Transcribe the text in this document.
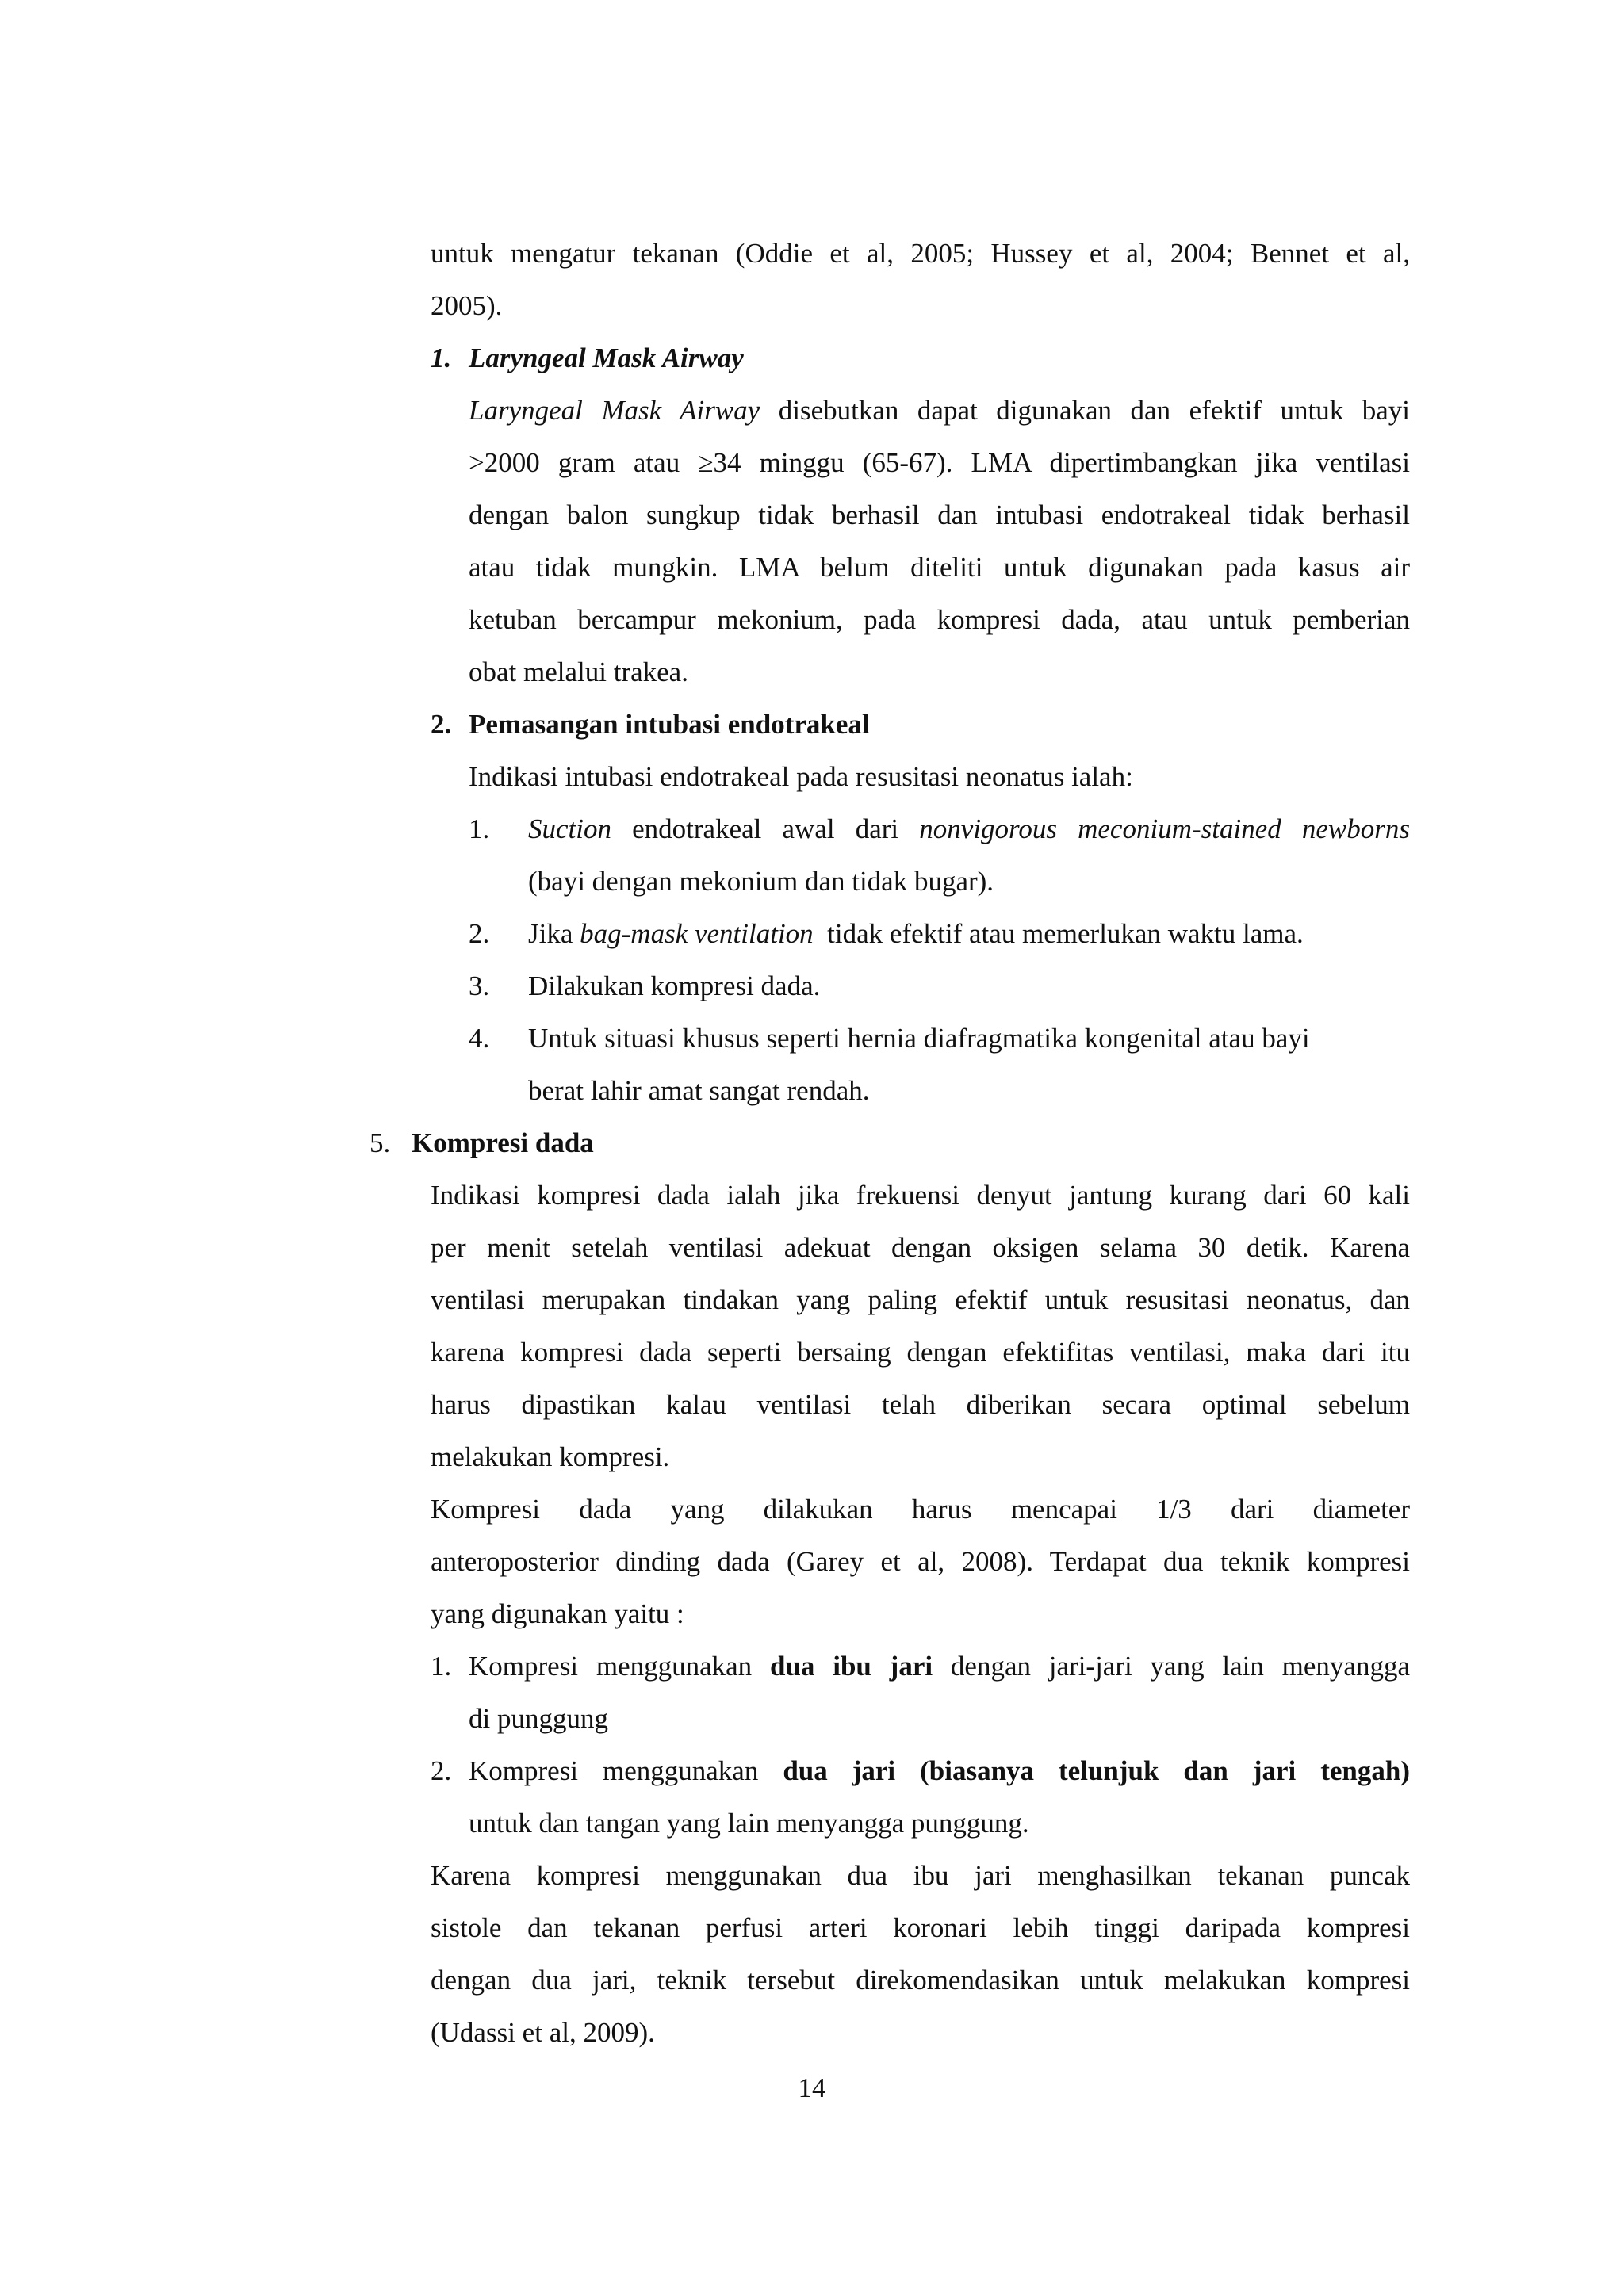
untuk mengatur tekanan (Oddie et al, 2005; Hussey et al, 2004; Bennet et al,
2005).
1. Laryngeal Mask Airway
Laryngeal Mask Airway disebutkan dapat digunakan dan efektif untuk bayi
>2000 gram atau ≥34 minggu (65-67). LMA dipertimbangkan jika ventilasi
dengan balon sungkup tidak berhasil dan intubasi endotrakeal tidak berhasil
atau tidak mungkin. LMA belum diteliti untuk digunakan pada kasus air
ketuban bercampur mekonium, pada kompresi dada, atau untuk pemberian
obat melalui trakea.
2. Pemasangan intubasi endotrakeal
Indikasi intubasi endotrakeal pada resusitasi neonatus ialah:
1. Suction endotrakeal awal dari nonvigorous meconium-stained newborns
(bayi dengan mekonium dan tidak bugar).
2. Jika bag-mask ventilation  tidak efektif atau memerlukan waktu lama.
3. Dilakukan kompresi dada.
4. Untuk situasi khusus seperti hernia diafragmatika kongenital atau bayi
berat lahir amat sangat rendah.
5. Kompresi dada
Indikasi kompresi dada ialah jika frekuensi denyut jantung kurang dari 60 kali
per menit setelah ventilasi adekuat dengan oksigen selama 30 detik. Karena
ventilasi merupakan tindakan yang paling efektif untuk resusitasi neonatus, dan
karena kompresi dada seperti bersaing dengan efektifitas ventilasi, maka dari itu
harus dipastikan kalau ventilasi telah diberikan secara optimal sebelum
melakukan kompresi.
Kompresi dada yang dilakukan harus mencapai 1/3 dari diameter
anteroposterior dinding dada (Garey et al, 2008). Terdapat dua teknik kompresi
yang digunakan yaitu :
1. Kompresi menggunakan dua ibu jari dengan jari-jari yang lain menyangga
di punggung
2. Kompresi menggunakan dua jari (biasanya telunjuk dan jari tengah)
untuk dan tangan yang lain menyangga punggung.
Karena kompresi menggunakan dua ibu jari menghasilkan tekanan puncak
sistole dan tekanan perfusi arteri koronari lebih tinggi daripada kompresi
dengan dua jari, teknik tersebut direkomendasikan untuk melakukan kompresi
(Udassi et al, 2009).
14
